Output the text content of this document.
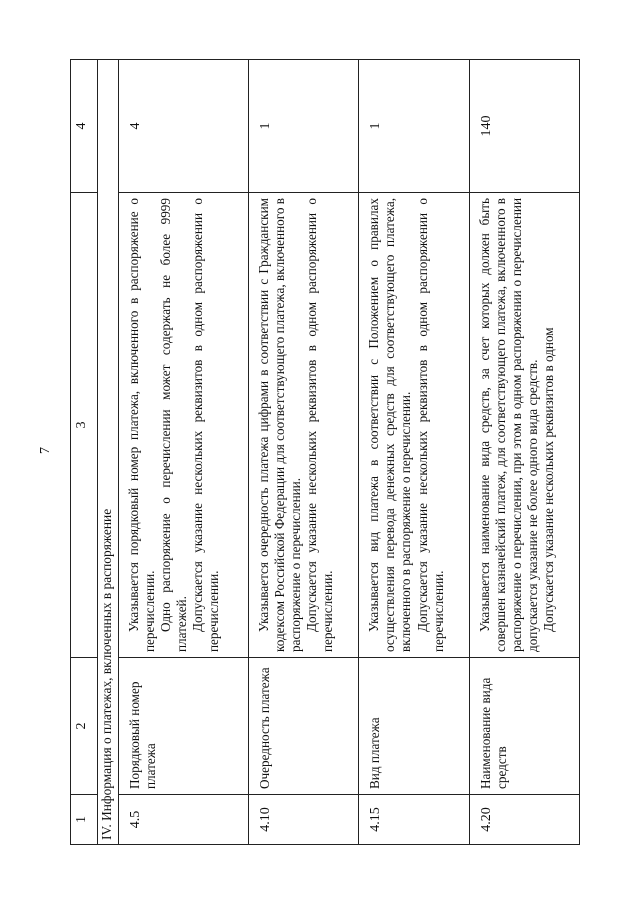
7
1	2	3	4
IV. Информация о платежах, включенных в распоряжение			
4.5	Порядковый номер платежа	Указывается порядковый номер платежа, включенного в распоряжение о перечислении. Одно распоряжение о перечислении может содержать не более 9999 платежей. Допускается указание нескольких реквизитов в одном распоряжении о перечислении.	4
4.10	Очередность платежа	Указывается очередность платежа цифрами в соответствии с Гражданским кодексом Российской Федерации для соответствующего платежа, включенного в распоряжение о перечислении. Допускается указание нескольких реквизитов в одном распоряжении о перечислении.	1
4.15	Вид платежа	Указывается вид платежа в соответствии с Положением о правилах осуществления перевода денежных средств для соответствующего платежа, включенного в распоряжение о перечислении. Допускается указание нескольких реквизитов в одном распоряжении о перечислении.	1
4.20	Наименование вида средств	Указывается наименование вида средств, за счет которых должен быть совершен казначейский платеж, для соответствующего платежа, включенного в распоряжение о перечислении, при этом в одном распоряжении о перечислении допускается указание не более одного вида средств. Допускается указание нескольких реквизитов в одном	140
